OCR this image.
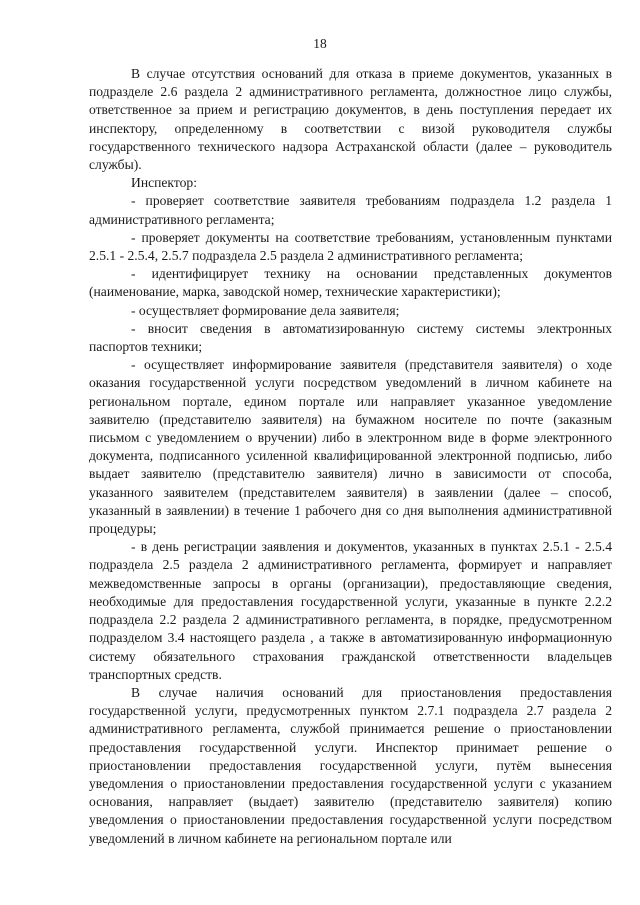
18

В случае отсутствия оснований для отказа в приеме документов, указанных в подразделе 2.6 раздела 2 административного регламента, должностное лицо службы, ответственное за прием и регистрацию документов, в день поступления передает их инспектору, определенному в соответствии с визой руководителя службы государственного технического надзора Астраханской области (далее – руководитель службы).

Инспектор:

- проверяет соответствие заявителя требованиям подраздела 1.2 раздела 1 административного регламента;

- проверяет документы на соответствие требованиям, установленным пунктами 2.5.1 - 2.5.4, 2.5.7 подраздела 2.5 раздела 2 административного регламента;

- идентифицирует технику на основании представленных документов (наименование, марка, заводской номер, технические характеристики);

- осуществляет формирование дела заявителя;

- вносит сведения в автоматизированную систему системы электронных паспортов техники;

- осуществляет информирование заявителя (представителя заявителя) о ходе оказания государственной услуги посредством уведомлений в личном кабинете на региональном портале, едином портале или направляет указанное уведомление заявителю (представителю заявителя) на бумажном носителе по почте (заказным письмом с уведомлением о вручении) либо в электронном виде в форме электронного документа, подписанного усиленной квалифицированной электронной подписью, либо выдает заявителю (представителю заявителя) лично в зависимости от способа, указанного заявителем (представителем заявителя) в заявлении (далее – способ, указанный в заявлении) в течение 1 рабочего дня со дня выполнения административной процедуры;

- в день регистрации заявления и документов, указанных в пунктах 2.5.1 - 2.5.4 подраздела 2.5 раздела 2 административного регламента, формирует и направляет межведомственные запросы в органы (организации), предоставляющие сведения, необходимые для предоставления государственной услуги, указанные в пункте 2.2.2 подраздела 2.2 раздела 2 административного регламента, в порядке, предусмотренном подразделом 3.4 настоящего раздела , а также в автоматизированную информационную систему обязательного страхования гражданской ответственности владельцев транспортных средств.

В случае наличия оснований для приостановления предоставления государственной услуги, предусмотренных пунктом 2.7.1 подраздела 2.7 раздела 2 административного регламента, службой принимается решение о приостановлении предоставления государственной услуги. Инспектор принимает решение о приостановлении предоставления государственной услуги, путём вынесения уведомления о приостановлении предоставления государственной услуги с указанием основания, направляет (выдает) заявителю (представителю заявителя) копию уведомления о приостановлении предоставления государственной услуги посредством уведомлений в личном кабинете на региональном портале или
